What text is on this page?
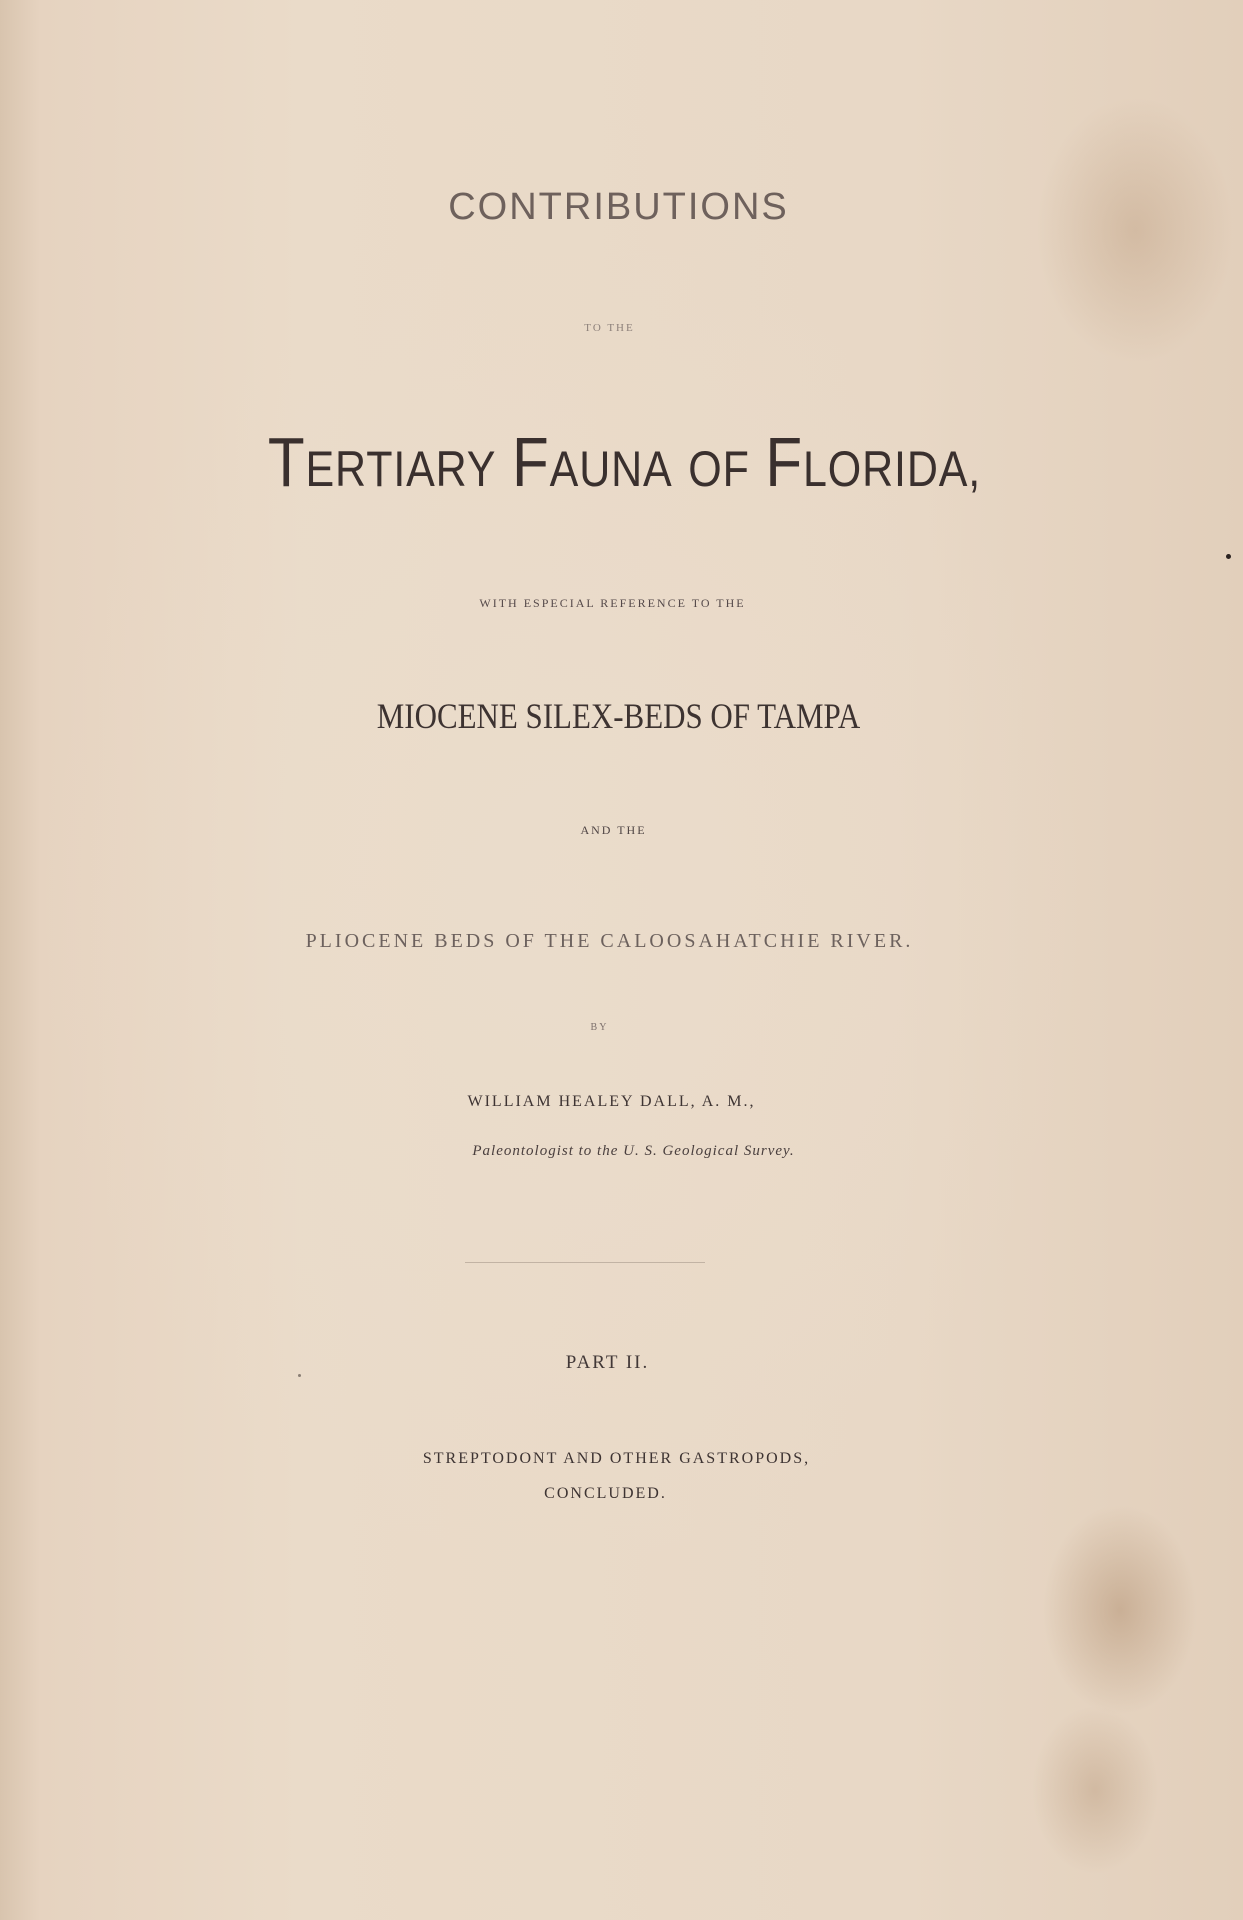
CONTRIBUTIONS
TO THE
TERTIARY FAUNA OF FLORIDA,
WITH ESPECIAL REFERENCE TO THE
MIOCENE SILEX-BEDS OF TAMPA
AND THE
PLIOCENE BEDS OF THE CALOOSAHATCHIE RIVER.
BY
WILLIAM HEALEY DALL, A. M.,
Paleontologist to the U. S. Geological Survey.
PART II.
STREPTODONT AND OTHER GASTROPODS,
CONCLUDED.
